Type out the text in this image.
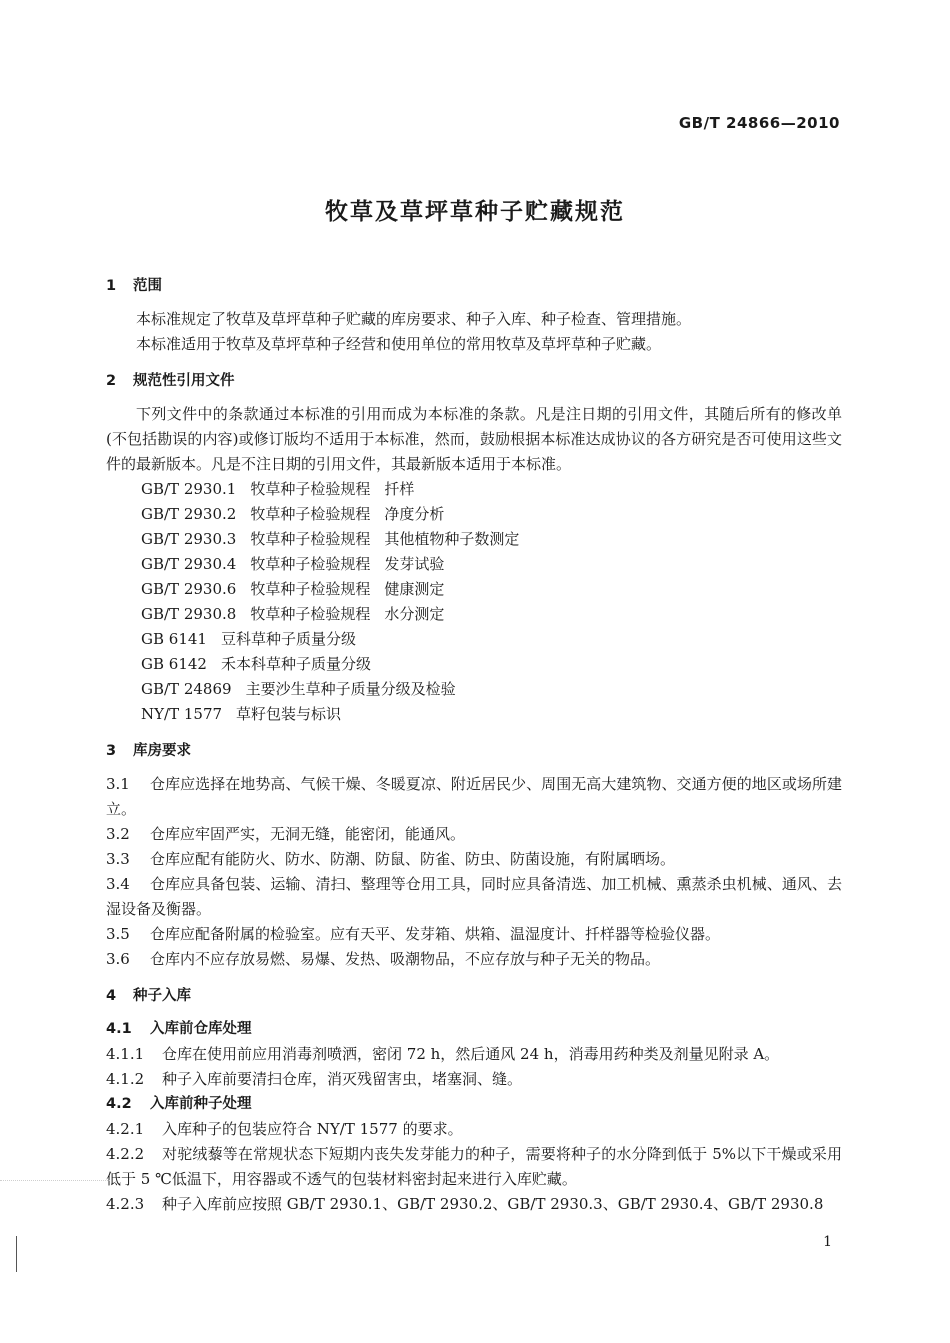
GB/T 24866—2010
牧草及草坪草种子贮藏规范
1 范围
本标准规定了牧草及草坪草种子贮藏的库房要求、种子入库、种子检查、管理措施。
本标准适用于牧草及草坪草种子经营和使用单位的常用牧草及草坪草种子贮藏。
2 规范性引用文件
下列文件中的条款通过本标准的引用而成为本标准的条款。凡是注日期的引用文件，其随后所有的修改单(不包括勘误的内容)或修订版均不适用于本标准，然而，鼓励根据本标准达成协议的各方研究是否可使用这些文件的最新版本。凡是不注日期的引用文件，其最新版本适用于本标准。
GB/T 2930.1 牧草种子检验规程 扦样
GB/T 2930.2 牧草种子检验规程 净度分析
GB/T 2930.3 牧草种子检验规程 其他植物种子数测定
GB/T 2930.4 牧草种子检验规程 发芽试验
GB/T 2930.6 牧草种子检验规程 健康测定
GB/T 2930.8 牧草种子检验规程 水分测定
GB 6141 豆科草种子质量分级
GB 6142 禾本科草种子质量分级
GB/T 24869 主要沙生草种子质量分级及检验
NY/T 1577 草籽包装与标识
3 库房要求
3.1 仓库应选择在地势高、气候干燥、冬暖夏凉、附近居民少、周围无高大建筑物、交通方便的地区或场所建立。
3.2 仓库应牢固严实，无洞无缝，能密闭，能通风。
3.3 仓库应配有能防火、防水、防潮、防鼠、防雀、防虫、防菌设施，有附属晒场。
3.4 仓库应具备包装、运输、清扫、整理等仓用工具，同时应具备清选、加工机械、熏蒸杀虫机械、通风、去湿设备及衡器。
3.5 仓库应配备附属的检验室。应有天平、发芽箱、烘箱、温湿度计、扦样器等检验仪器。
3.6 仓库内不应存放易燃、易爆、发热、吸潮物品，不应存放与种子无关的物品。
4 种子入库
4.1 入库前仓库处理
4.1.1 仓库在使用前应用消毒剂喷洒，密闭 72 h，然后通风 24 h，消毒用药种类及剂量见附录 A。
4.1.2 种子入库前要清扫仓库，消灭残留害虫，堵塞洞、缝。
4.2 入库前种子处理
4.2.1 入库种子的包装应符合 NY/T 1577 的要求。
4.2.2 对驼绒藜等在常规状态下短期内丧失发芽能力的种子，需要将种子的水分降到低于 5%以下干燥或采用低于 5 ℃低温下，用容器或不透气的包装材料密封起来进行入库贮藏。
4.2.3 种子入库前应按照 GB/T 2930.1、GB/T 2930.2、GB/T 2930.3、GB/T 2930.4、GB/T 2930.8
1
